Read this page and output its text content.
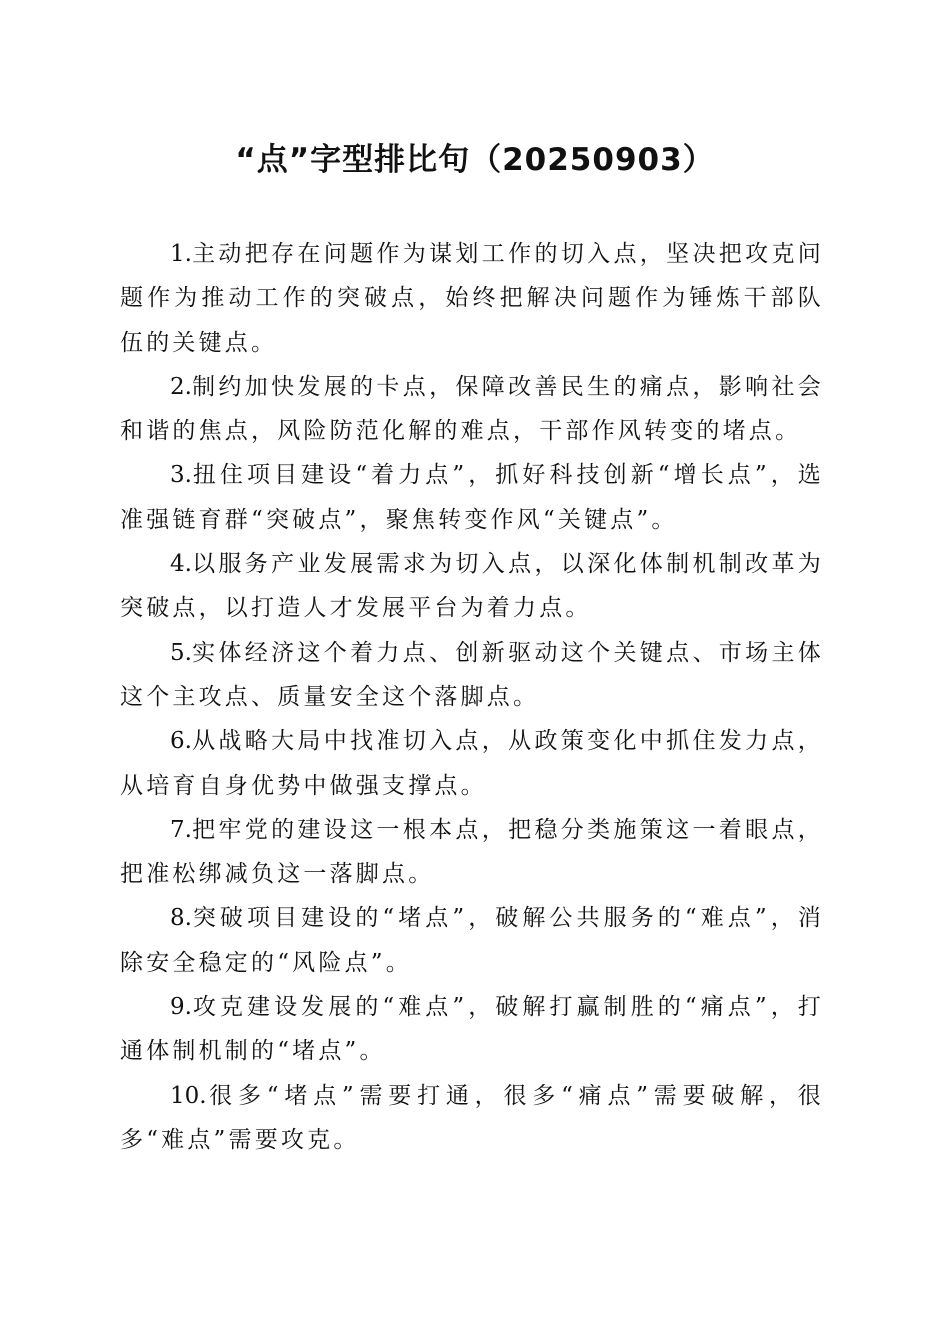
“点”字型排比句（20250903）

1.主动把存在问题作为谋划工作的切入点，坚决把攻克问题作为推动工作的突破点，始终把解决问题作为锤炼干部队伍的关键点。

2.制约加快发展的卡点，保障改善民生的痛点，影响社会和谐的焦点，风险防范化解的难点，干部作风转变的堵点。

3.扭住项目建设“着力点”，抓好科技创新“增长点”，选准强链育群“突破点”，聚焦转变作风“关键点”。

4.以服务产业发展需求为切入点，以深化体制机制改革为突破点，以打造人才发展平台为着力点。

5.实体经济这个着力点、创新驱动这个关键点、市场主体这个主攻点、质量安全这个落脚点。

6.从战略大局中找准切入点，从政策变化中抓住发力点，从培育自身优势中做强支撑点。

7.把牢党的建设这一根本点，把稳分类施策这一着眼点，把准松绑减负这一落脚点。

8.突破项目建设的“堵点”，破解公共服务的“难点”，消除安全稳定的“风险点”。

9.攻克建设发展的“难点”，破解打赢制胜的“痛点”，打通体制机制的“堵点”。

10.很多“堵点”需要打通，很多“痛点”需要破解，很多“难点”需要攻克。
